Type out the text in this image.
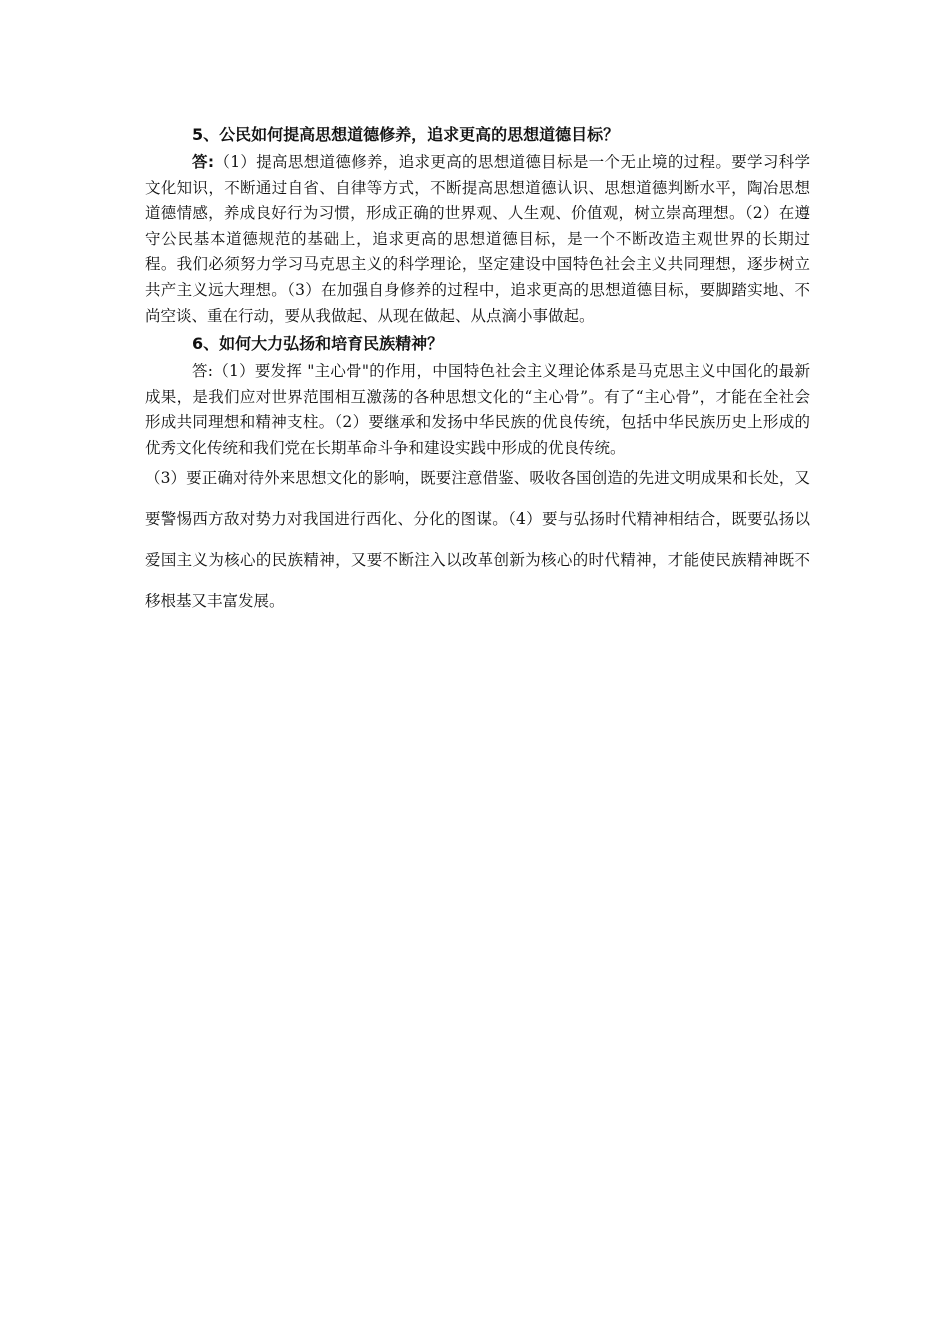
5、公民如何提高思想道德修养，追求更高的思想道德目标？

答:（1）提高思想道德修养，追求更高的思想道德目标是一个无止境的过程。要学习科学文化知识，不断通过自省、自律等方式，不断提高思想道德认识、思想道德判断水平，陶冶思想道德情感，养成良好行为习惯，形成正确的世界观、人生观、价值观，树立崇高理想。（2）在遵守公民基本道德规范的基础上，追求更高的思想道德目标，是一个不断改造主观世界的长期过程。我们必须努力学习马克思主义的科学理论，坚定建设中国特色社会主义共同理想，逐步树立共产主义远大理想。（3）在加强自身修养的过程中，追求更高的思想道德目标，要脚踏实地、不尚空谈、重在行动，要从我做起、从现在做起、从点滴小事做起。

6、如何大力弘扬和培育民族精神？

答:（1）要发挥 "主心骨"的作用，中国特色社会主义理论体系是马克思主义中国化的最新成果，是我们应对世界范围相互激荡的各种思想文化的“主心骨”。有了“主心骨”，才能在全社会形成共同理想和精神支柱。（2）要继承和发扬中华民族的优良传统，包括中华民族历史上形成的优秀文化传统和我们党在长期革命斗争和建设实践中形成的优良传统。

（3）要正确对待外来思想文化的影响，既要注意借鉴、吸收各国创造的先进文明成果和长处，又要警惕西方敌对势力对我国进行西化、分化的图谋。（4）要与弘扬时代精神相结合，既要弘扬以爱国主义为核心的民族精神，又要不断注入以改革创新为核心的时代精神，才能使民族精神既不移根基又丰富发展。
